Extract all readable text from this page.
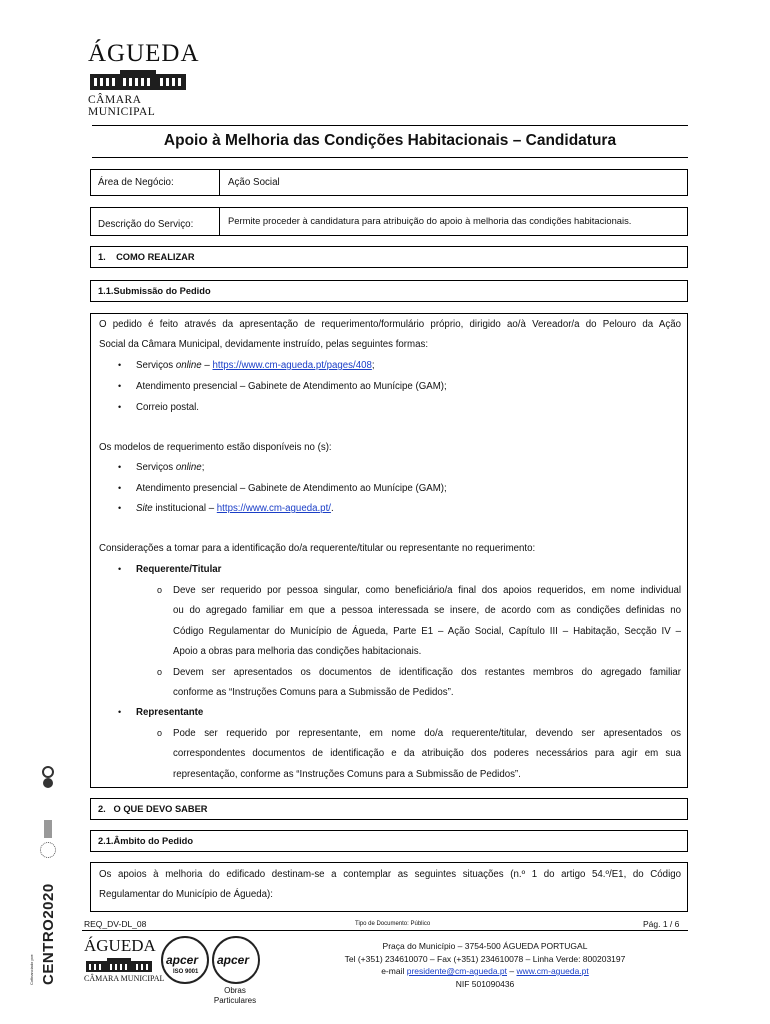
ÁGUEDA
CÂMARA MUNICIPAL
Apoio à Melhoria das Condições Habitacionais – Candidatura
Área de Negócio:	Ação Social
Descrição do Serviço:	Permite proceder à candidatura para atribuição do apoio à melhoria das condições habitacionais.
1.    COMO REALIZAR
1.1.Submissão do Pedido
O pedido é feito através da apresentação de requerimento/formulário próprio, dirigido ao/à Vereador/a do Pelouro da Ação
Social da Câmara Municipal, devidamente instruído, pelas seguintes formas:
• Serviços online – https://www.cm-agueda.pt/pages/408;
• Atendimento presencial – Gabinete de Atendimento ao Munícipe (GAM);
• Correio postal.
Os modelos de requerimento estão disponíveis no (s):
• Serviços online;
• Atendimento presencial – Gabinete de Atendimento ao Munícipe (GAM);
• Site institucional – https://www.cm-agueda.pt/.
Considerações a tomar para a identificação do/a requerente/titular ou representante no requerimento:
• Requerente/Titular
o Deve ser requerido por pessoa singular, como beneficiário/a final dos apoios requeridos, em nome individual
ou do agregado familiar em que a pessoa interessada se insere, de acordo com as condições definidas no
Código Regulamentar do Município de Águeda, Parte E1 – Ação Social, Capítulo III – Habitação, Secção IV –
Apoio a obras para melhoria das condições habitacionais.
o Devem ser apresentados os documentos de identificação dos restantes membros do agregado familiar
conforme as “Instruções Comuns para a Submissão de Pedidos”.
• Representante
o Pode ser requerido por representante, em nome do/a requerente/titular, devendo ser apresentados os
correspondentes documentos de identificação e da atribuição dos poderes necessários para agir em sua
representação, conforme as “Instruções Comuns para a Submissão de Pedidos”.
2.   O QUE DEVO SABER
2.1.Âmbito do Pedido
Os apoios à melhoria do edificado destinam-se a contemplar as seguintes situações (n.º 1 do artigo 54.º/E1, do Código
Regulamentar do Município de Águeda):
REQ_DV-DL_08	Tipo de Documento: Público	Pág. 1 / 6
ÁGUEDA
CÂMARA MUNICIPAL
apcer
ISO 9001
apcer
Obras
Particulares
Praça do Município – 3754-500 ÁGUEDA PORTUGAL
Tel (+351) 234610070 – Fax (+351) 234610078 – Linha Verde: 800203197
e-mail presidente@cm-agueda.pt – www.cm-agueda.pt
NIF 501090436
CENTRO2020
Cofinanciado por:
